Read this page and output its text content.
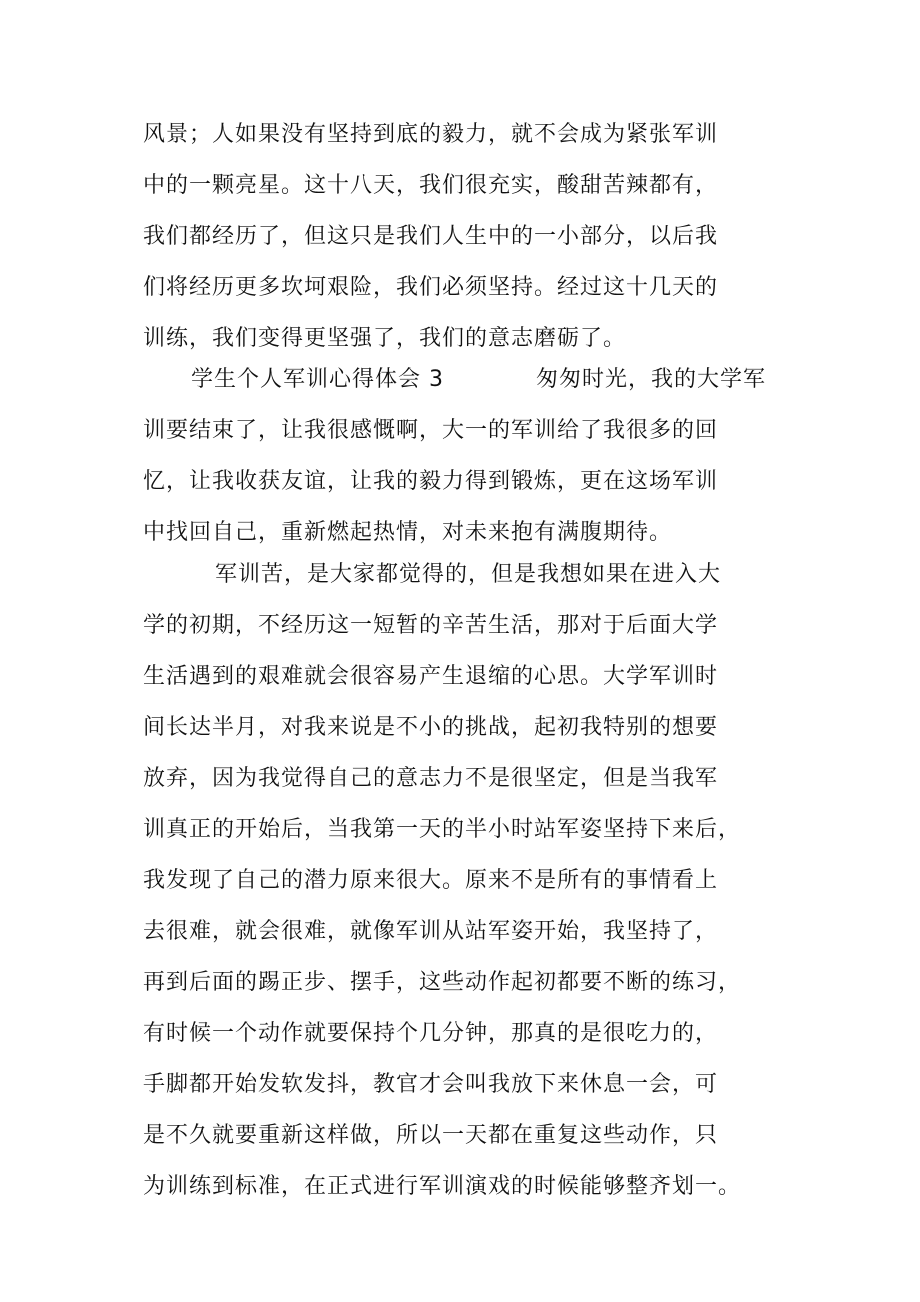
风景；人如果没有坚持到底的毅力，就不会成为紧张军训
中的一颗亮星。这十八天，我们很充实，酸甜苦辣都有，
我们都经历了，但这只是我们人生中的一小部分，以后我
们将经历更多坎坷艰险，我们必须坚持。经过这十几天的
训练，我们变得更坚强了，我们的意志磨砺了。
学生个人军训心得体会 3	匆匆时光，我的大学军
训要结束了，让我很感慨啊，大一的军训给了我很多的回
忆，让我收获友谊，让我的毅力得到锻炼，更在这场军训
中找回自己，重新燃起热情，对未来抱有满腹期待。
军训苦，是大家都觉得的，但是我想如果在进入大
学的初期，不经历这一短暂的辛苦生活，那对于后面大学
生活遇到的艰难就会很容易产生退缩的心思。大学军训时
间长达半月，对我来说是不小的挑战，起初我特别的想要
放弃，因为我觉得自己的意志力不是很坚定，但是当我军
训真正的开始后，当我第一天的半小时站军姿坚持下来后，
我发现了自己的潜力原来很大。原来不是所有的事情看上
去很难，就会很难，就像军训从站军姿开始，我坚持了，
再到后面的踢正步、摆手，这些动作起初都要不断的练习，
有时候一个动作就要保持个几分钟，那真的是很吃力的，
手脚都开始发软发抖，教官才会叫我放下来休息一会，可
是不久就要重新这样做，所以一天都在重复这些动作，只
为训练到标准，在正式进行军训演戏的时候能够整齐划一。
